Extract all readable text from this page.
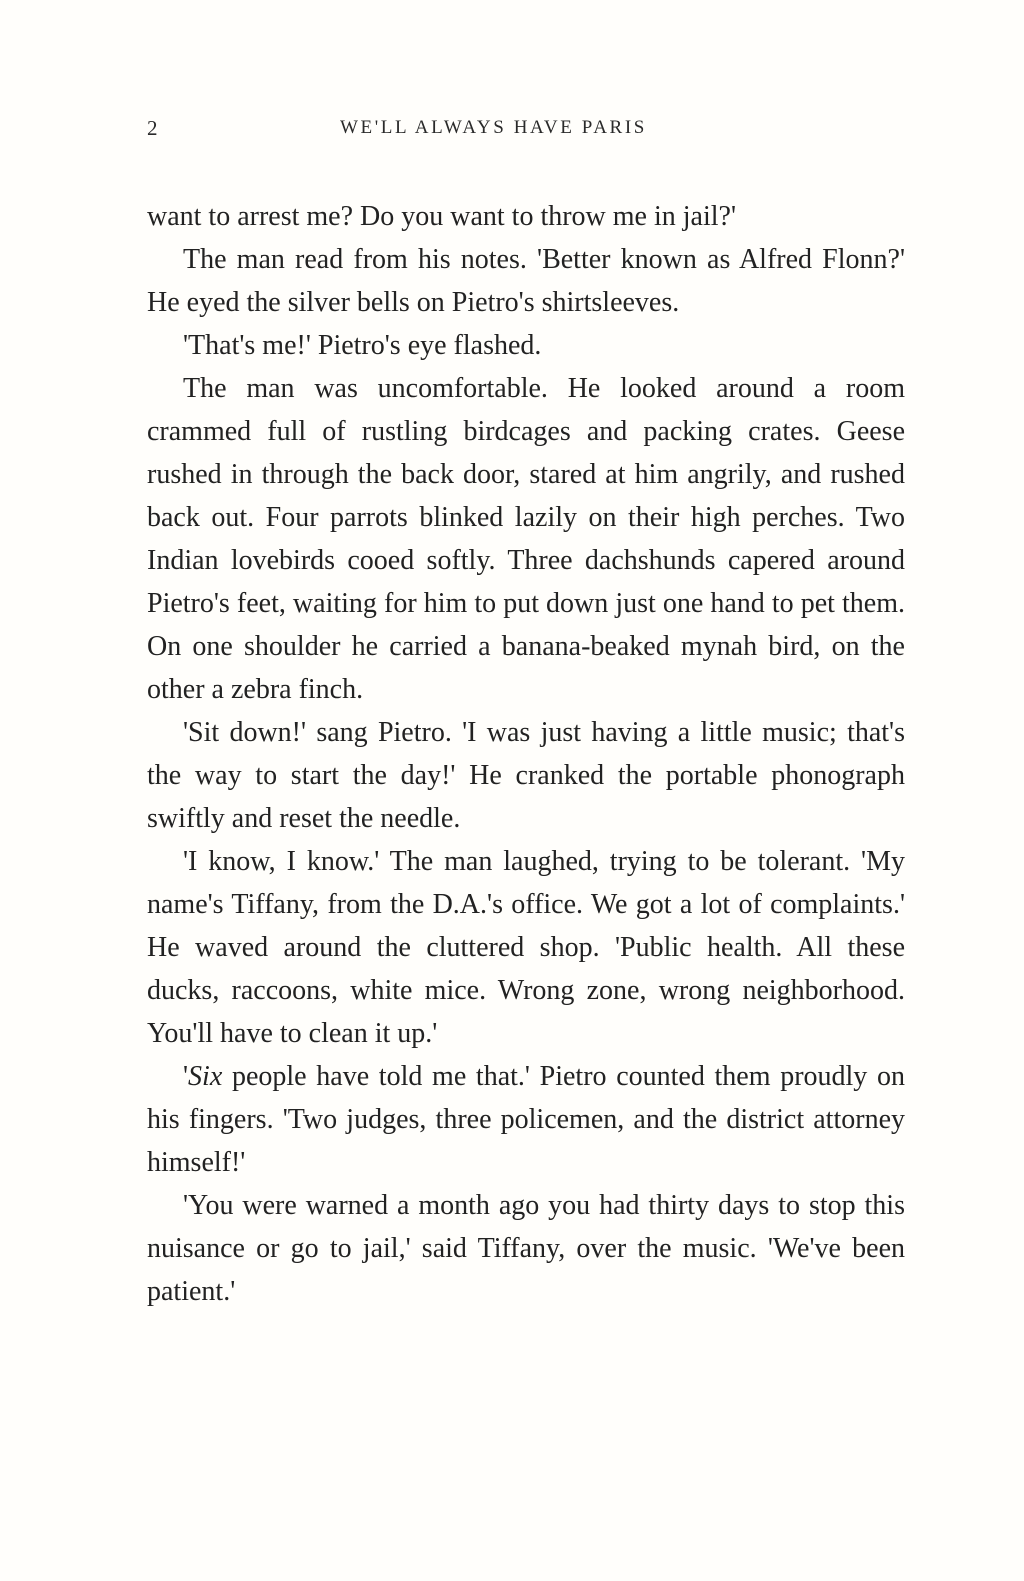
2	WE'LL ALWAYS HAVE PARIS

want to arrest me? Do you want to throw me in jail?'

The man read from his notes. 'Better known as Alfred Flonn?' He eyed the silver bells on Pietro's shirtsleeves.

'That's me!' Pietro's eye flashed.

The man was uncomfortable. He looked around a room crammed full of rustling birdcages and packing crates. Geese rushed in through the back door, stared at him angrily, and rushed back out. Four parrots blinked lazily on their high perches. Two Indian lovebirds cooed softly. Three dachshunds capered around Pietro's feet, waiting for him to put down just one hand to pet them. On one shoulder he carried a banana-beaked mynah bird, on the other a zebra finch.

'Sit down!' sang Pietro. 'I was just having a little music; that's the way to start the day!' He cranked the portable phonograph swiftly and reset the needle.

'I know, I know.' The man laughed, trying to be tolerant. 'My name's Tiffany, from the D.A.'s office. We got a lot of complaints.' He waved around the cluttered shop. 'Public health. All these ducks, raccoons, white mice. Wrong zone, wrong neighborhood. You'll have to clean it up.'

'Six people have told me that.' Pietro counted them proudly on his fingers. 'Two judges, three policemen, and the district attorney himself!'

'You were warned a month ago you had thirty days to stop this nuisance or go to jail,' said Tiffany, over the music. 'We've been patient.'
